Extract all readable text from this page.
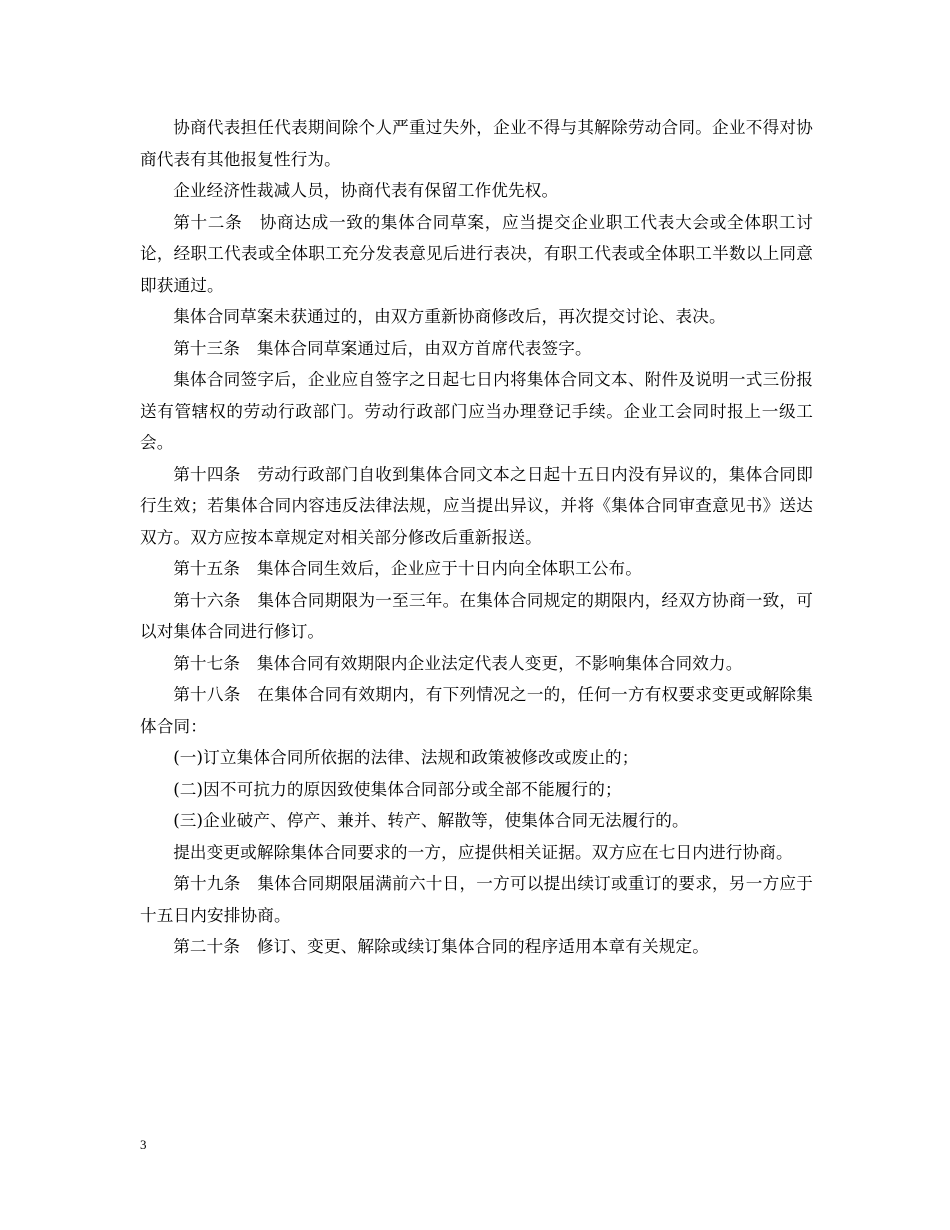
协商代表担任代表期间除个人严重过失外，企业不得与其解除劳动合同。企业不得对协商代表有其他报复性行为。

企业经济性裁减人员，协商代表有保留工作优先权。

第十二条　协商达成一致的集体合同草案，应当提交企业职工代表大会或全体职工讨论，经职工代表或全体职工充分发表意见后进行表决，有职工代表或全体职工半数以上同意即获通过。

集体合同草案未获通过的，由双方重新协商修改后，再次提交讨论、表决。

第十三条　集体合同草案通过后，由双方首席代表签字。

集体合同签字后，企业应自签字之日起七日内将集体合同文本、附件及说明一式三份报送有管辖权的劳动行政部门。劳动行政部门应当办理登记手续。企业工会同时报上一级工会。

第十四条　劳动行政部门自收到集体合同文本之日起十五日内没有异议的，集体合同即行生效；若集体合同内容违反法律法规，应当提出异议，并将《集体合同审查意见书》送达双方。双方应按本章规定对相关部分修改后重新报送。

第十五条　集体合同生效后，企业应于十日内向全体职工公布。

第十六条　集体合同期限为一至三年。在集体合同规定的期限内，经双方协商一致，可以对集体合同进行修订。

第十七条　集体合同有效期限内企业法定代表人变更，不影响集体合同效力。

第十八条　在集体合同有效期内，有下列情况之一的，任何一方有权要求变更或解除集体合同：

(一)订立集体合同所依据的法律、法规和政策被修改或废止的；

(二)因不可抗力的原因致使集体合同部分或全部不能履行的；

(三)企业破产、停产、兼并、转产、解散等，使集体合同无法履行的。

提出变更或解除集体合同要求的一方，应提供相关证据。双方应在七日内进行协商。

第十九条　集体合同期限届满前六十日，一方可以提出续订或重订的要求，另一方应于十五日内安排协商。

第二十条　修订、变更、解除或续订集体合同的程序适用本章有关规定。

3
